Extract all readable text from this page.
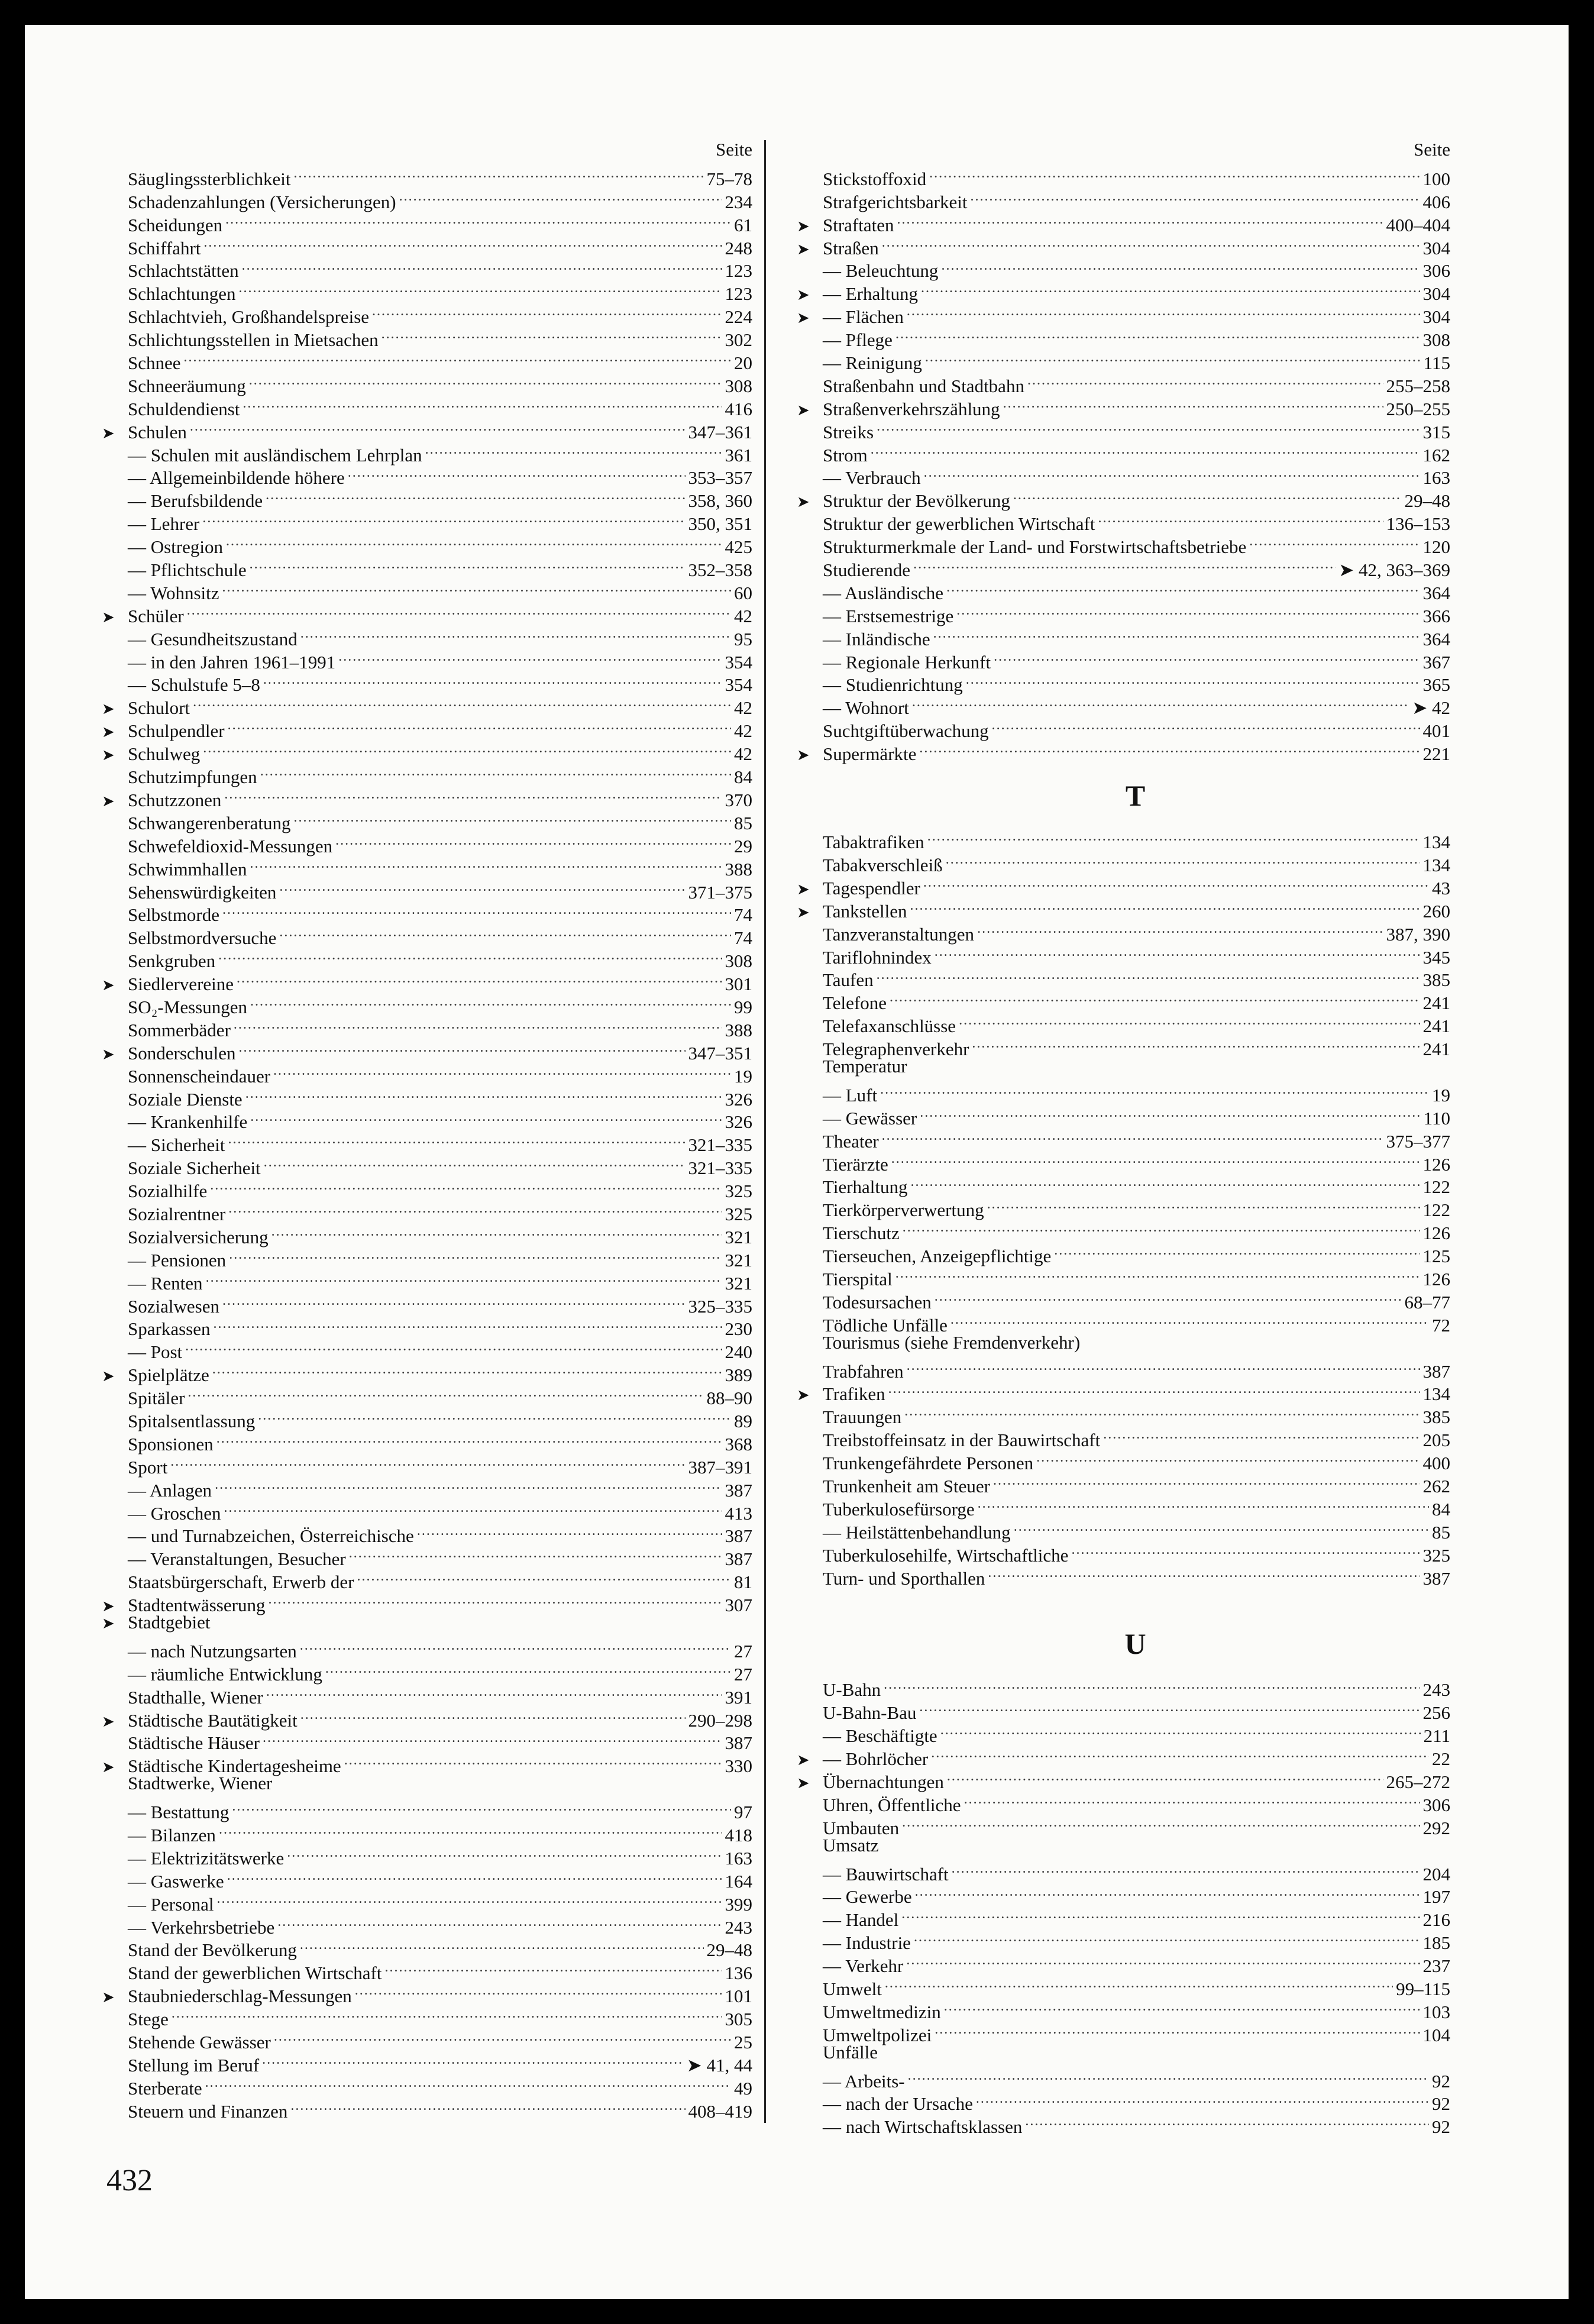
Seite
Säuglingssterblichkeit .....	75–78
Schadenzahlungen (Versicherungen) .....	234
Scheidungen .....	61
Schiffahrt .....	248
Schlachtstätten .....	123
Schlachtungen .....	123
Schlachtvieh, Großhandelspreise .....	224
Schlichtungsstellen in Mietsachen .....	302
Schnee .....	20
Schneeräumung .....	308
Schuldendienst .....	416
➤ Schulen .....	347–361
— Schulen mit ausländischem Lehrplan .....	361
— Allgemeinbildende höhere .....	353–357
— Berufsbildende .....	358, 360
— Lehrer .....	350, 351
— Ostregion .....	425
— Pflichtschule .....	352–358
— Wohnsitz .....	60
➤ Schüler .....	42
— Gesundheitszustand .....	95
— in den Jahren 1961–1991 .....	354
— Schulstufe 5–8 .....	354
➤ Schulort .....	42
➤ Schulpendler .....	42
➤ Schulweg .....	42
Schutzimpfungen .....	84
➤ Schutzzonen .....	370
Schwangerenberatung .....	85
Schwefeldioxid-Messungen .....	29
Schwimmhallen .....	388
Sehenswürdigkeiten .....	371–375
Selbstmorde .....	74
Selbstmordversuche .....	74
Senkgruben .....	308
➤ Siedlervereine .....	301
SO₂-Messungen .....	99
Sommerbäder .....	388
➤ Sonderschulen .....	347–351
Sonnenscheindauer .....	19
Soziale Dienste .....	326
— Krankenhilfe .....	326
— Sicherheit .....	321–335
Soziale Sicherheit .....	321–335
Sozialhilfe .....	325
Sozialrentner .....	325
Sozialversicherung .....	321
— Pensionen .....	321
— Renten .....	321
Sozialwesen .....	325–335
Sparkassen .....	230
— Post .....	240
➤ Spielplätze .....	389
Spitäler .....	88–90
Spitalsentlassung .....	89
Sponsionen .....	368
Sport .....	387–391
— Anlagen .....	387
— Groschen .....	413
— und Turnabzeichen, Österreichische .....	387
— Veranstaltungen, Besucher .....	387
Staatsbürgerschaft, Erwerb der .....	81
➤ Stadtentwässerung .....	307
➤ Stadtgebiet
— nach Nutzungsarten .....	27
— räumliche Entwicklung .....	27
Stadthalle, Wiener .....	391
➤ Städtische Bautätigkeit .....	290–298
Städtische Häuser .....	387
➤ Städtische Kindertagesheime .....	330
Stadtwerke, Wiener
— Bestattung .....	97
— Bilanzen .....	418
— Elektrizitätswerke .....	163
— Gaswerke .....	164
— Personal .....	399
— Verkehrsbetriebe .....	243
Stand der Bevölkerung .....	29–48
Stand der gewerblichen Wirtschaft .....	136
➤ Staubniederschlag-Messungen .....	101
Stege .....	305
Stehende Gewässer .....	25
Stellung im Beruf .....	➤ 41, 44
Sterberate .....	49
Steuern und Finanzen .....	408–419
Seite
Stickstoffoxid .....	100
Strafgerichtsbarkeit .....	406
➤ Straftaten .....	400–404
➤ Straßen .....	304
— Beleuchtung .....	306
➤ — Erhaltung .....	304
➤ — Flächen .....	304
— Pflege .....	308
— Reinigung .....	115
Straßenbahn und Stadtbahn .....	255–258
➤ Straßenverkehrszählung .....	250–255
Streiks .....	315
Strom .....	162
— Verbrauch .....	163
➤ Struktur der Bevölkerung .....	29–48
Struktur der gewerblichen Wirtschaft .....	136–153
Strukturmerkmale der Land- und Forstwirtschaftsbetriebe .....	120
Studierende .....	➤ 42, 363–369
— Ausländische .....	364
— Erstsemestrige .....	366
— Inländische .....	364
— Regionale Herkunft .....	367
— Studienrichtung .....	365
— Wohnort .....	➤ 42
Suchtgiftüberwachung .....	401
➤ Supermärkte .....	221
T
Tabaktrafiken .....	134
Tabakverschleiß .....	134
➤ Tagespendler .....	43
➤ Tankstellen .....	260
Tanzveranstaltungen .....	387, 390
Tariflohnindex .....	345
Taufen .....	385
Telefone .....	241
Telefaxanschlüsse .....	241
Telegraphenverkehr .....	241
Temperatur
— Luft .....	19
— Gewässer .....	110
Theater .....	375–377
Tierärzte .....	126
Tierhaltung .....	122
Tierkörperverwertung .....	122
Tierschutz .....	126
Tierseuchen, Anzeigepflichtige .....	125
Tierspital .....	126
Todesursachen .....	68–77
Tödliche Unfälle .....	72
Tourismus (siehe Fremdenverkehr)
Trabfahren .....	387
➤ Trafiken .....	134
Trauungen .....	385
Treibstoffeinsatz in der Bauwirtschaft .....	205
Trunkengefährdete Personen .....	400
Trunkenheit am Steuer .....	262
Tuberkulosefürsorge .....	84
— Heilstättenbehandlung .....	85
Tuberkulosehilfe, Wirtschaftliche .....	325
Turn- und Sporthallen .....	387
U
U-Bahn .....	243
U-Bahn-Bau .....	256
— Beschäftigte .....	211
➤ — Bohrlöcher .....	22
➤ Übernachtungen .....	265–272
Uhren, Öffentliche .....	306
Umbauten .....	292
Umsatz
— Bauwirtschaft .....	204
— Gewerbe .....	197
— Handel .....	216
— Industrie .....	185
— Verkehr .....	237
Umwelt .....	99–115
Umweltmedizin .....	103
Umweltpolizei .....	104
Unfälle
— Arbeits- .....	92
— nach der Ursache .....	92
— nach Wirtschaftsklassen .....	92
432
